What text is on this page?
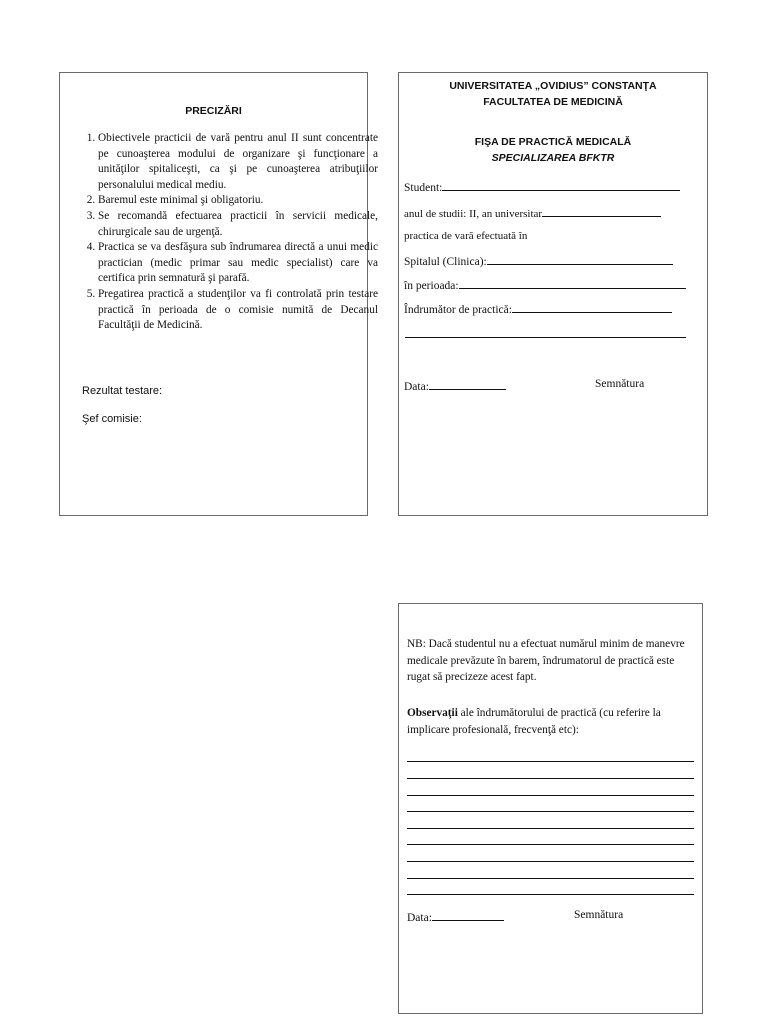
PRECIZĂRI
1. Obiectivele practicii de vară pentru anul II sunt concentrate pe cunoaşterea modului de organizare şi funcţionare a unităţilor spitaliceşti, ca şi pe cunoaşterea atribuţiilor personalului medical mediu.
2. Baremul este minimal şi obligatoriu.
3. Se recomandă efectuarea practicii în servicii medicale, chirurgicale sau de urgenţă.
4. Practica se va desfăşura sub îndrumarea directă a unui medic practician (medic primar sau medic specialist) care va certifica prin semnatură şi parafă.
5. Pregatirea practică a studenţilor va fi controlată prin testare practică în perioada de o comisie numită de Decanul Facultăţii de Medicină.
Rezultat testare:
Şef comisie:
UNIVERSITATEA „OVIDIUS” CONSTANŢA
FACULTATEA DE MEDICINĂ
FIŞA DE PRACTICĂ MEDICALĂ
SPECIALIZAREA BFKTR
Student:
anul de studii: II, an universitar
practica de vară efectuată în
Spitalul (Clinica):
în perioada:
Îndrumător de practică:
Data:	Semnătura
NB: Dacă studentul nu a efectuat numărul minim de manevre medicale prevăzute în barem, îndrumatorul de practică este rugat să precizeze acest fapt.
Observaţii ale îndrumătorului de practică (cu referire la implicare profesională, frecvenţă etc):
Data:	Semnătura
